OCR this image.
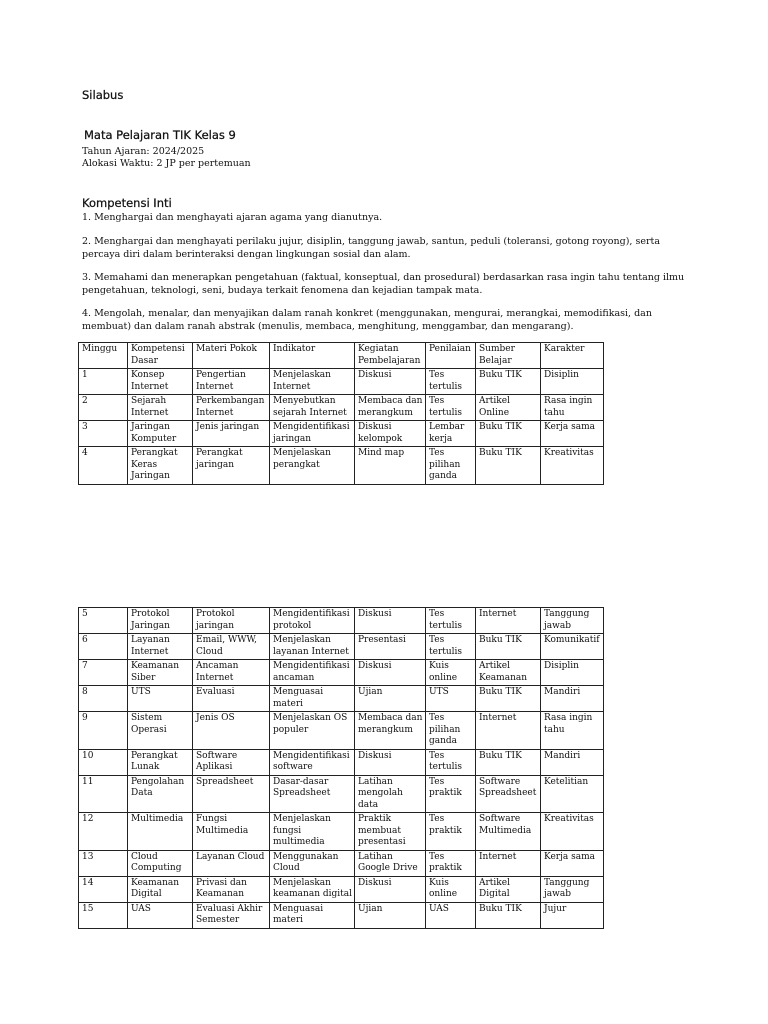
Silabus
Mata Pelajaran TIK Kelas 9

Tahun Ajaran: 2024/2025

Alokasi Waktu: 2 JP per pertemuan

Kompetensi Inti

1. Menghargai dan menghayati ajaran agama yang dianutnya.

2. Menghargai dan menghayati perilaku jujur, disiplin, tanggung jawab, santun, peduli (toleransi, gotong royong), serta percaya diri dalam berinteraksi dengan lingkungan sosial dan alam.

3. Memahami dan menerapkan pengetahuan (faktual, konseptual, dan prosedural) berdasarkan rasa ingin tahu tentang ilmu pengetahuan, teknologi, seni, budaya terkait fenomena dan kejadian tampak mata.

4. Mengolah, menalar, dan menyajikan dalam ranah konkret (menggunakan, mengurai, merangkai, memodifikasi, dan membuat) dan dalam ranah abstrak (menulis, membaca, menghitung, menggambar, dan mengarang).

Minggu	Kompetensi Dasar	Materi Pokok	Indikator	Kegiatan Pembelajaran	Penilaian	Sumber Belajar	Karakter
1	Konsep Internet	Pengertian Internet	Menjelaskan Internet	Diskusi	Tes tertulis	Buku TIK	Disiplin
2	Sejarah Internet	Perkembangan Internet	Menyebutkan sejarah Internet	Membaca dan merangkum	Tes tertulis	Artikel Online	Rasa ingin tahu
3	Jaringan Komputer	Jenis jaringan	Mengidentifikasi jaringan	Diskusi kelompok	Lembar kerja	Buku TIK	Kerja sama
4	Perangkat Keras Jaringan	Perangkat jaringan	Menjelaskan perangkat	Mind map	Tes pilihan ganda	Buku TIK	Kreativitas
5	Protokol Jaringan	Protokol jaringan	Mengidentifikasi protokol	Diskusi	Tes tertulis	Internet	Tanggung jawab
6	Layanan Internet	Email, WWW, Cloud	Menjelaskan layanan Internet	Presentasi	Tes tertulis	Buku TIK	Komunikatif
7	Keamanan Siber	Ancaman Internet	Mengidentifikasi ancaman	Diskusi	Kuis online	Artikel Keamanan	Disiplin
8	UTS	Evaluasi	Menguasai materi	Ujian	UTS	Buku TIK	Mandiri
9	Sistem Operasi	Jenis OS	Menjelaskan OS populer	Membaca dan merangkum	Tes pilihan ganda	Internet	Rasa ingin tahu
10	Perangkat Lunak	Software Aplikasi	Mengidentifikasi software	Diskusi	Tes tertulis	Buku TIK	Mandiri
11	Pengolahan Data	Spreadsheet	Dasar-dasar Spreadsheet	Latihan mengolah data	Tes praktik	Software Spreadsheet	Ketelitian
12	Multimedia	Fungsi Multimedia	Menjelaskan fungsi multimedia	Praktik membuat presentasi	Tes praktik	Software Multimedia	Kreativitas
13	Cloud Computing	Layanan Cloud	Menggunakan Cloud	Latihan Google Drive	Tes praktik	Internet	Kerja sama
14	Keamanan Digital	Privasi dan Keamanan	Menjelaskan keamanan digital	Diskusi	Kuis online	Artikel Digital	Tanggung jawab
15	UAS	Evaluasi Akhir Semester	Menguasai materi	Ujian	UAS	Buku TIK	Jujur
